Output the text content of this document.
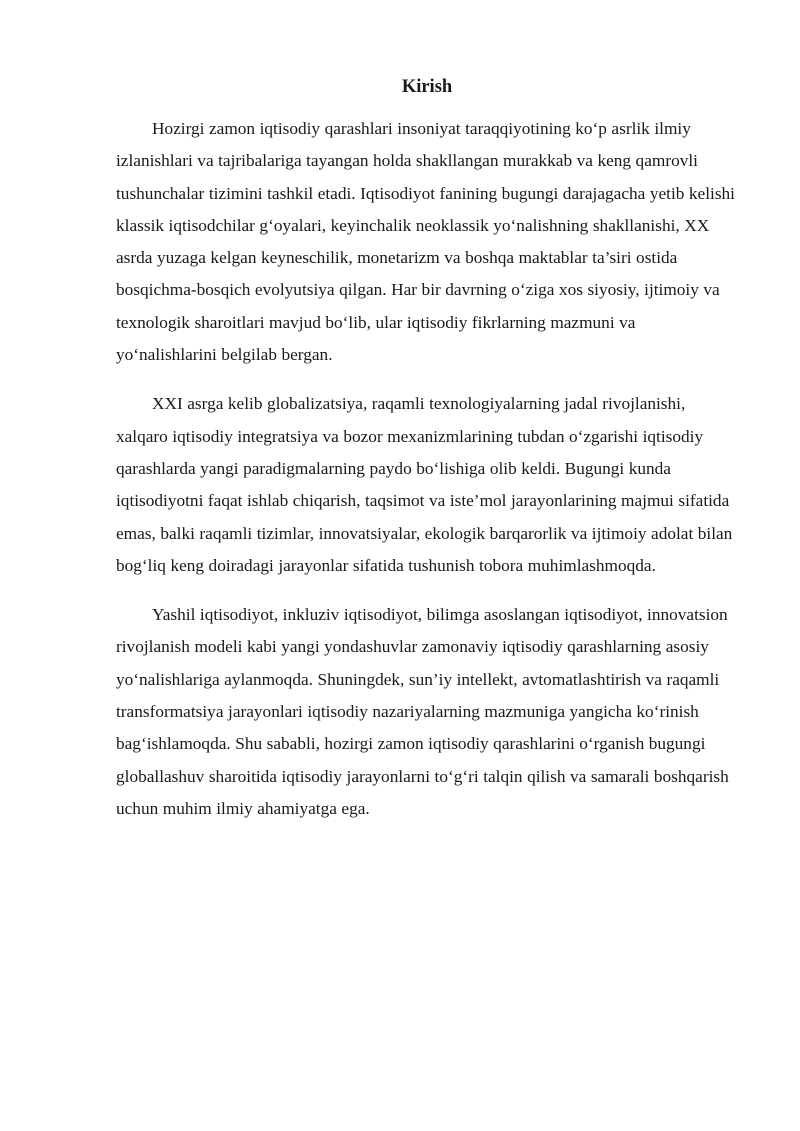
Kirish

Hozirgi zamon iqtisodiy qarashlari insoniyat taraqqiyotining ko‘p asrlik ilmiy izlanishlari va tajribalariga tayangan holda shakllangan murakkab va keng qamrovli tushunchalar tizimini tashkil etadi. Iqtisodiyot fanining bugungi darajagacha yetib kelishi klassik iqtisodchilar g‘oyalari, keyinchalik neoklassik yo‘nalishning shakllanishi, XX asrda yuzaga kelgan keyneschilik, monetarizm va boshqa maktablar ta’siri ostida bosqichma-bosqich evolyutsiya qilgan. Har bir davrning o‘ziga xos siyosiy, ijtimoiy va texnologik sharoitlari mavjud bo‘lib, ular iqtisodiy fikrlarning mazmuni va yo‘nalishlarini belgilab bergan.

XXI asrga kelib globalizatsiya, raqamli texnologiyalarning jadal rivojlanishi, xalqaro iqtisodiy integratsiya va bozor mexanizmlarining tubdan o‘zgarishi iqtisodiy qarashlarda yangi paradigmalarning paydo bo‘lishiga olib keldi. Bugungi kunda iqtisodiyotni faqat ishlab chiqarish, taqsimot va iste’mol jarayonlarining majmui sifatida emas, balki raqamli tizimlar, innovatsiyalar, ekologik barqarorlik va ijtimoiy adolat bilan bog‘liq keng doiradagi jarayonlar sifatida tushunish tobora muhimlashmoqda.

Yashil iqtisodiyot, inkluziv iqtisodiyot, bilimga asoslangan iqtisodiyot, innovatsion rivojlanish modeli kabi yangi yondashuvlar zamonaviy iqtisodiy qarashlarning asosiy yo‘nalishlariga aylanmoqda. Shuningdek, sun’iy intellekt, avtomatlashtirish va raqamli transformatsiya jarayonlari iqtisodiy nazariyalarning mazmuniga yangicha ko‘rinish bag‘ishlamoqda. Shu sababli, hozirgi zamon iqtisodiy qarashlarini o‘rganish bugungi globallashuv sharoitida iqtisodiy jarayonlarni to‘g‘ri talqin qilish va samarali boshqarish uchun muhim ilmiy ahamiyatga ega.
